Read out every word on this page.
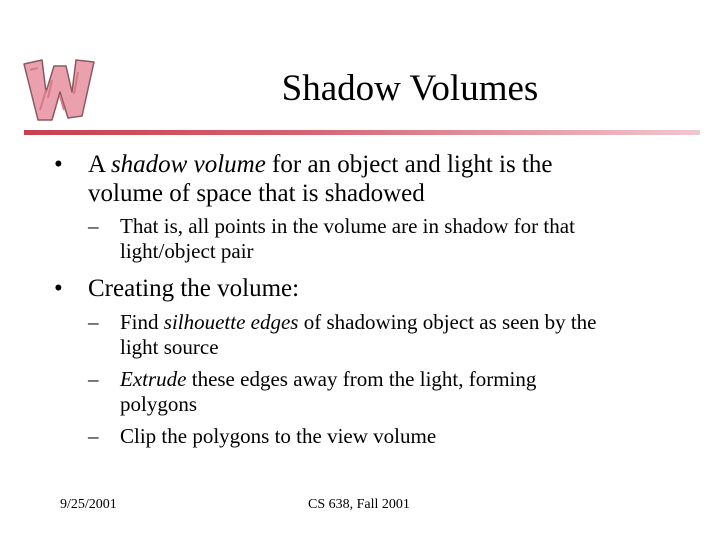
Shadow Volumes
• A shadow volume for an object and light is the
volume of space that is shadowed
– That is, all points in the volume are in shadow for that
light/object pair
• Creating the volume:
– Find silhouette edges of shadowing object as seen by the
light source
– Extrude these edges away from the light, forming
polygons
– Clip the polygons to the view volume
9/25/2001	CS 638, Fall 2001
